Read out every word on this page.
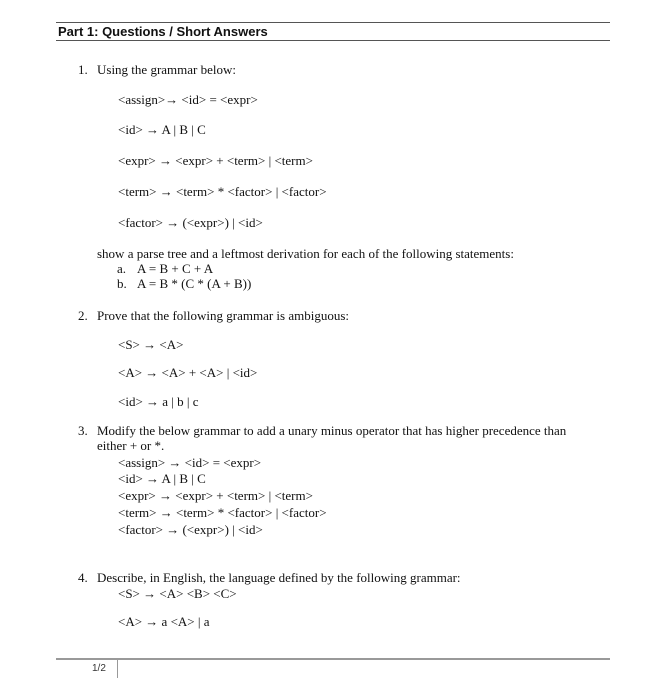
Part 1: Questions / Short Answers
1. Using the grammar below:
<assign>→ <id> = <expr>
<id> → A | B | C
<expr> → <expr> + <term> | <term>
<term> → <term> * <factor> | <factor>
<factor> → (<expr>) | <id>
show a parse tree and a leftmost derivation for each of the following statements:
a. A = B + C + A
b. A = B * (C * (A + B))
2. Prove that the following grammar is ambiguous:
<S> → <A>
<A> → <A> + <A> | <id>
<id> → a | b | c
3. Modify the below grammar to add a unary minus operator that has higher precedence than
either + or *.
<assign> → <id> = <expr>
<id> → A | B | C
<expr> → <expr> + <term> | <term>
<term> → <term> * <factor> | <factor>
<factor> → (<expr>) | <id>
4. Describe, in English, the language defined by the following grammar:
<S> → <A> <B> <C>
<A> → a <A> | a
1/2
